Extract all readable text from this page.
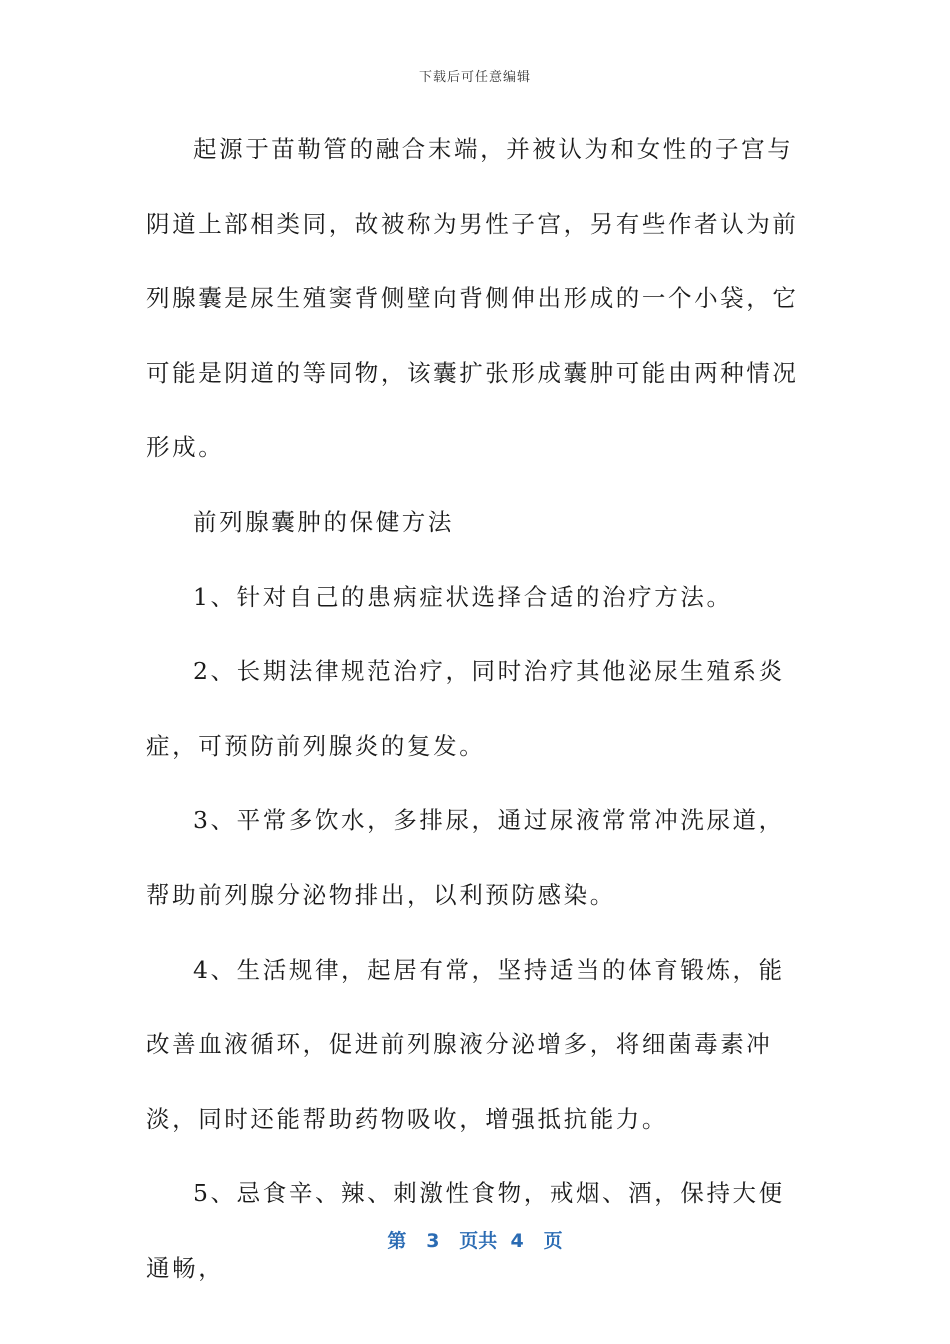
下载后可任意编辑

起源于苗勒管的融合末端，并被认为和女性的子宫与阴道上部相类同，故被称为男性子宫，另有些作者认为前列腺囊是尿生殖窦背侧壁向背侧伸出形成的一个小袋，它可能是阴道的等同物，该囊扩张形成囊肿可能由两种情况形成。

前列腺囊肿的保健方法

1、针对自己的患病症状选择合适的治疗方法。

2、长期法律规范治疗，同时治疗其他泌尿生殖系炎症，可预防前列腺炎的复发。

3、平常多饮水，多排尿，通过尿液常常冲洗尿道，帮助前列腺分泌物排出，以利预防感染。

4、生活规律，起居有常，坚持适当的体育锻炼，能改善血液循环，促进前列腺液分泌增多，将细菌毒素冲淡，同时还能帮助药物吸收，增强抵抗能力。

5、忌食辛、辣、刺激性食物，戒烟、酒，保持大便通畅，

第 3 页共 4 页
